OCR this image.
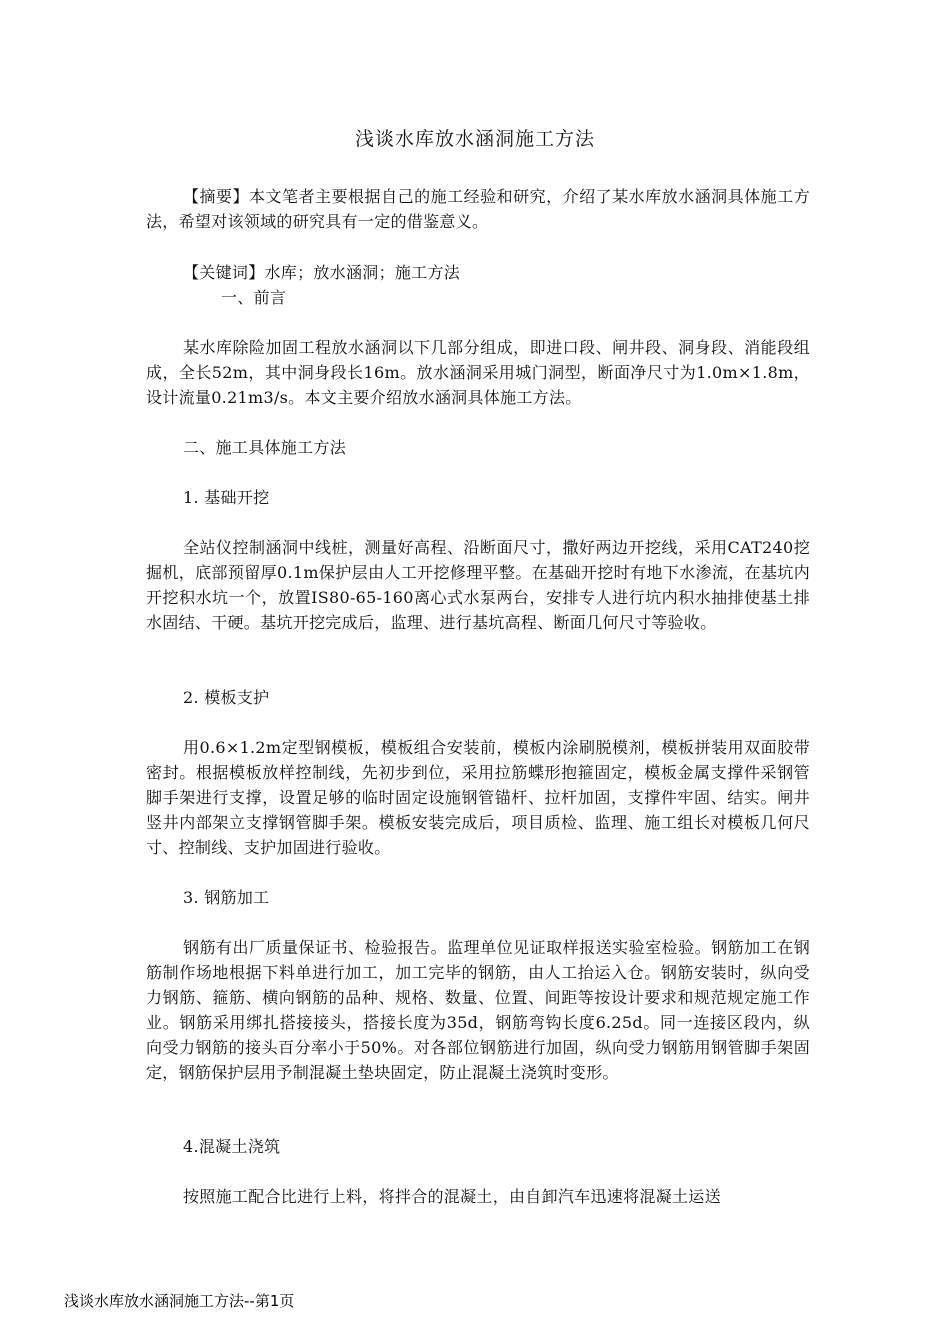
浅谈水库放水涵洞施工方法
【摘要】本文笔者主要根据自己的施工经验和研究，介绍了某水库放水涵洞具体施工方法，希望对该领域的研究具有一定的借鉴意义。
【关键词】水库；放水涵洞；施工方法
一、前言
某水库除险加固工程放水涵洞以下几部分组成，即进口段、闸井段、洞身段、消能段组成，全长52m，其中洞身段长16m。放水涵洞采用城门洞型，断面净尺寸为1.0m×1.8m，设计流量0.21m3/s。本文主要介绍放水涵洞具体施工方法。
二、施工具体施工方法
1. 基础开挖
全站仪控制涵洞中线桩，测量好高程、沿断面尺寸，撒好两边开挖线，采用CAT240挖掘机，底部预留厚0.1m保护层由人工开挖修理平整。在基础开挖时有地下水渗流，在基坑内开挖积水坑一个，放置IS80-65-160离心式水泵两台，安排专人进行坑内积水抽排使基土排水固结、干硬。基坑开挖完成后，监理、进行基坑高程、断面几何尺寸等验收。
2. 模板支护
用0.6×1.2m定型钢模板，模板组合安装前，模板内涂刷脱模剂，模板拼装用双面胶带密封。根据模板放样控制线，先初步到位，采用拉筋蝶形抱箍固定，模板金属支撑件采钢管脚手架进行支撑，设置足够的临时固定设施钢管锚杆、拉杆加固，支撑件牢固、结实。闸井竖井内部架立支撑钢管脚手架。模板安装完成后，项目质检、监理、施工组长对模板几何尺寸、控制线、支护加固进行验收。
3. 钢筋加工
钢筋有出厂质量保证书、检验报告。监理单位见证取样报送实验室检验。钢筋加工在钢筋制作场地根据下料单进行加工，加工完毕的钢筋，由人工抬运入仓。钢筋安装时，纵向受力钢筋、箍筋、横向钢筋的品种、规格、数量、位置、间距等按设计要求和规范规定施工作业。钢筋采用绑扎搭接接头，搭接长度为35d，钢筋弯钩长度6.25d。同一连接区段内，纵向受力钢筋的接头百分率小于50%。对各部位钢筋进行加固，纵向受力钢筋用钢管脚手架固定，钢筋保护层用予制混凝土垫块固定，防止混凝土浇筑时变形。
4.混凝土浇筑
按照施工配合比进行上料，将拌合的混凝土，由自卸汽车迅速将混凝土运送
浅谈水库放水涵洞施工方法--第1页
